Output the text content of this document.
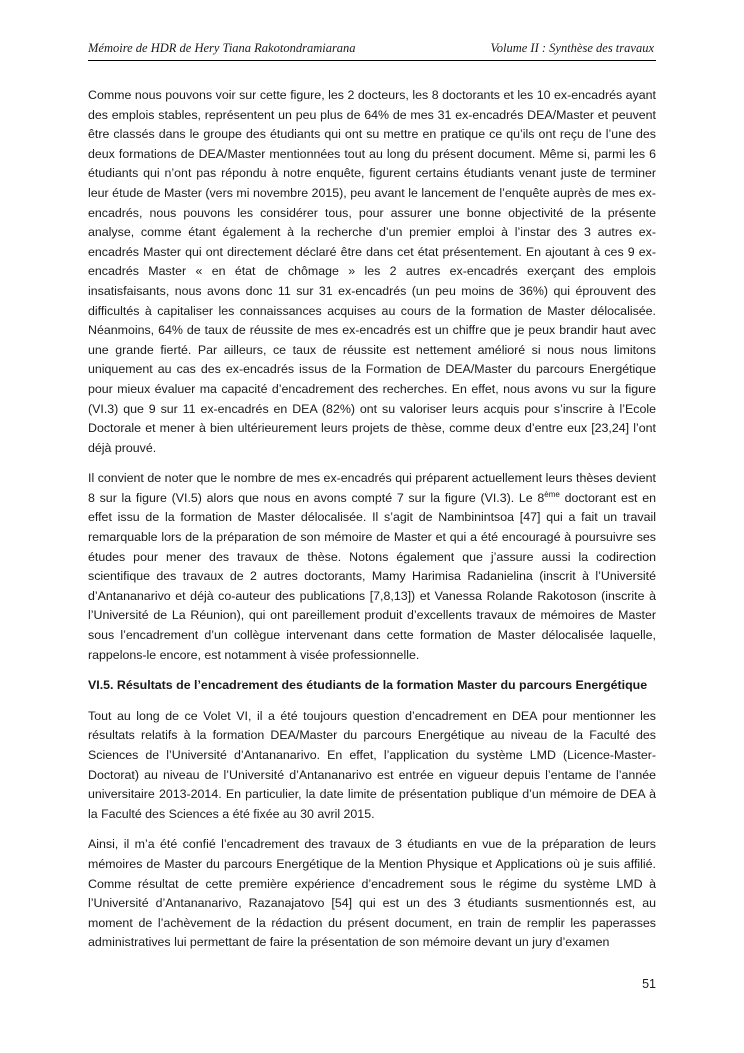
Mémoire de HDR de Hery Tiana Rakotondramiarana	Volume II : Synthèse des travaux

Comme nous pouvons voir sur cette figure, les 2 docteurs, les 8 doctorants et les 10 ex-encadrés ayant des emplois stables, représentent un peu plus de 64% de mes 31 ex-encadrés DEA/Master et peuvent être classés dans le groupe des étudiants qui ont su mettre en pratique ce qu’ils ont reçu de l’une des deux formations de DEA/Master mentionnées tout au long du présent document. Même si, parmi les 6 étudiants qui n’ont pas répondu à notre enquête, figurent certains étudiants venant juste de terminer leur étude de Master (vers mi novembre 2015), peu avant le lancement de l’enquête auprès de mes ex-encadrés, nous pouvons les considérer tous, pour assurer une bonne objectivité de la présente analyse, comme étant également à la recherche d’un premier emploi à l’instar des 3 autres ex-encadrés Master qui ont directement déclaré être dans cet état présentement. En ajoutant à ces 9 ex-encadrés Master « en état de chômage » les 2 autres ex-encadrés exerçant des emplois insatisfaisants, nous avons donc 11 sur 31 ex-encadrés (un peu moins de 36%) qui éprouvent des difficultés à capitaliser les connaissances acquises au cours de la formation de Master délocalisée. Néanmoins, 64% de taux de réussite de mes ex-encadrés est un chiffre que je peux brandir haut avec une grande fierté. Par ailleurs, ce taux de réussite est nettement amélioré si nous nous limitons uniquement au cas des ex-encadrés issus de la Formation de DEA/Master du parcours Energétique pour mieux évaluer ma capacité d’encadrement des recherches. En effet, nous avons vu sur la figure (VI.3) que 9 sur 11 ex-encadrés en DEA (82%) ont su valoriser leurs acquis pour s’inscrire à l’Ecole Doctorale et mener à bien ultérieurement leurs projets de thèse, comme deux d’entre eux [23,24] l’ont déjà prouvé.

Il convient de noter que le nombre de mes ex-encadrés qui préparent actuellement leurs thèses devient 8 sur la figure (VI.5) alors que nous en avons compté 7 sur la figure (VI.3). Le 8ème doctorant est en effet issu de la formation de Master délocalisée. Il s’agit de Nambinintsoa [47] qui a fait un travail remarquable lors de la préparation de son mémoire de Master et qui a été encouragé à poursuivre ses études pour mener des travaux de thèse. Notons également que j’assure aussi la codirection scientifique des travaux de 2 autres doctorants, Mamy Harimisa Radanielina (inscrit à l’Université d’Antananarivo et déjà co-auteur des publications [7,8,13]) et Vanessa Rolande Rakotoson (inscrite à l’Université de La Réunion), qui ont pareillement produit d’excellents travaux de mémoires de Master sous l’encadrement d’un collègue intervenant dans cette formation de Master délocalisée laquelle, rappelons-le encore, est notamment à visée professionnelle.

VI.5. Résultats de l’encadrement des étudiants de la formation Master du parcours Energétique

Tout au long de ce Volet VI, il a été toujours question d’encadrement en DEA pour mentionner les résultats relatifs à la formation DEA/Master du parcours Energétique au niveau de la Faculté des Sciences de l’Université d’Antananarivo. En effet, l’application du système LMD (Licence-Master-Doctorat) au niveau de l’Université d’Antananarivo est entrée en vigueur depuis l’entame de l’année universitaire 2013-2014. En particulier, la date limite de présentation publique d’un mémoire de DEA à la Faculté des Sciences a été fixée au 30 avril 2015.

Ainsi, il m’a été confié l’encadrement des travaux de 3 étudiants en vue de la préparation de leurs mémoires de Master du parcours Energétique de la Mention Physique et Applications où je suis affilié. Comme résultat de cette première expérience d’encadrement sous le régime du système LMD à l’Université d’Antananarivo, Razanajatovo [54] qui est un des 3 étudiants susmentionnés est, au moment de l’achèvement de la rédaction du présent document, en train de remplir les paperasses administratives lui permettant de faire la présentation de son mémoire devant un jury d’examen

51
